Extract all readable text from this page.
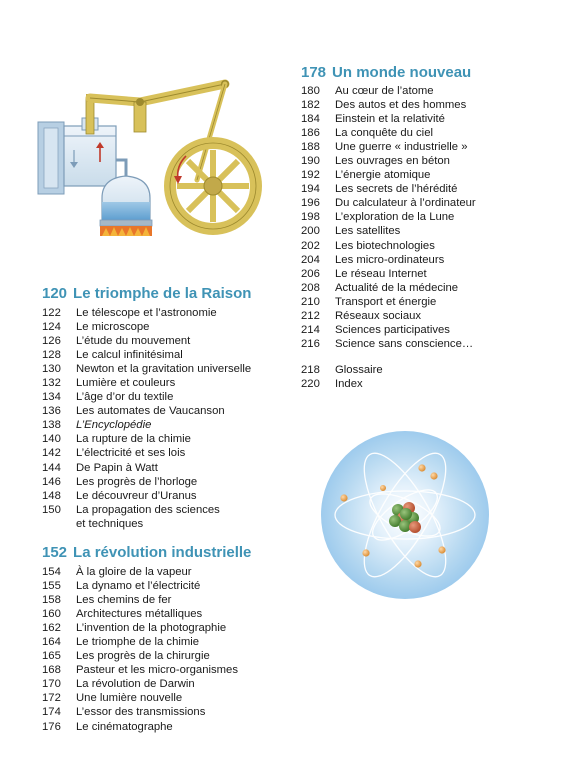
120 Le triomphe de la Raison
122	Le télescope et l’astronomie
124	Le microscope
126	L’étude du mouvement
128	Le calcul infinitésimal
130	Newton et la gravitation universelle
132	Lumière et couleurs
134	L’âge d’or du textile
136	Les automates de Vaucanson
138	L’Encyclopédie
140	La rupture de la chimie
142	L’électricité et ses lois
144	De Papin à Watt
146	Les progrès de l’horloge
148	Le découvreur d’Uranus
150	La propagation des sciences
et techniques
152 La révolution industrielle
154	À la gloire de la vapeur
155	La dynamo et l’électricité
158	Les chemins de fer
160	Architectures métalliques
162	L’invention de la photographie
164	Le triomphe de la chimie
165	Les progrès de la chirurgie
168	Pasteur et les micro-organismes
170	La révolution de Darwin
172	Une lumière nouvelle
174	L’essor des transmissions
176	Le cinématographe
178 Un monde nouveau
180	Au cœur de l’atome
182	Des autos et des hommes
184	Einstein et la relativité
186	La conquête du ciel
188	Une guerre « industrielle »
190	Les ouvrages en béton
192	L’énergie atomique
194	Les secrets de l’hérédité
196	Du calculateur à l’ordinateur
198	L’exploration de la Lune
200	Les satellites
202	Les biotechnologies
204	Les micro-ordinateurs
206	Le réseau Internet
208	Actualité de la médecine
210	Transport et énergie
212	Réseaux sociaux
214	Sciences participatives
216	Science sans conscience…
218	Glossaire
220	Index
